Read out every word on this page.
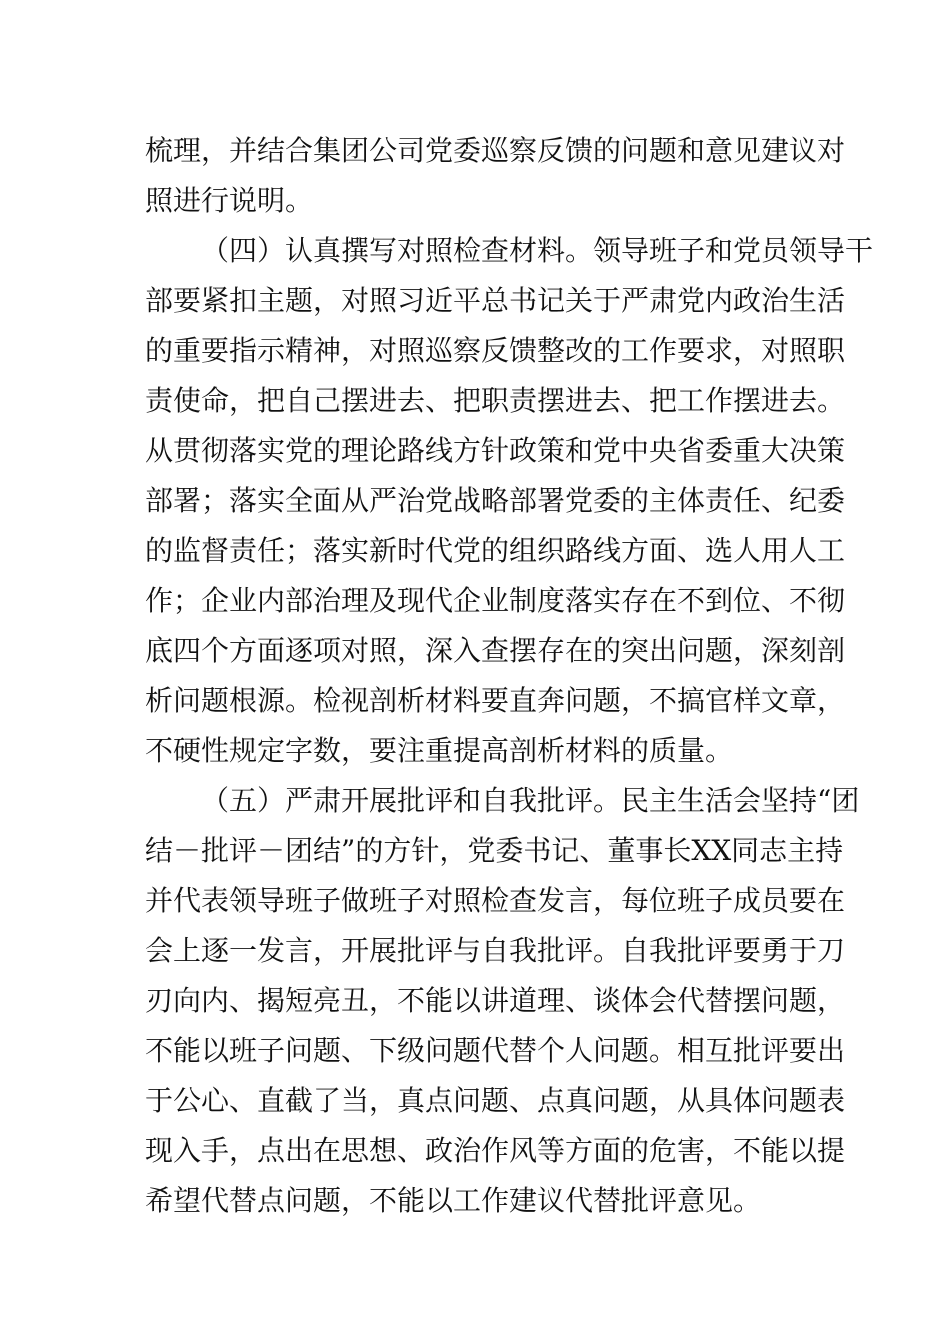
梳理，并结合集团公司党委巡察反馈的问题和意见建议对
照进行说明。
（四）认真撰写对照检查材料。领导班子和党员领导干
部要紧扣主题，对照习近平总书记关于严肃党内政治生活
的重要指示精神，对照巡察反馈整改的工作要求，对照职
责使命，把自己摆进去、把职责摆进去、把工作摆进去。
从贯彻落实党的理论路线方针政策和党中央省委重大决策
部署；落实全面从严治党战略部署党委的主体责任、纪委
的监督责任；落实新时代党的组织路线方面、选人用人工
作；企业内部治理及现代企业制度落实存在不到位、不彻
底四个方面逐项对照，深入查摆存在的突出问题，深刻剖
析问题根源。检视剖析材料要直奔问题，不搞官样文章，
不硬性规定字数，要注重提高剖析材料的质量。
（五）严肃开展批评和自我批评。民主生活会坚持“团
结－批评－团结”的方针，党委书记、董事长XX同志主持
并代表领导班子做班子对照检查发言，每位班子成员要在
会上逐一发言，开展批评与自我批评。自我批评要勇于刀
刃向内、揭短亮丑，不能以讲道理、谈体会代替摆问题，
不能以班子问题、下级问题代替个人问题。相互批评要出
于公心、直截了当，真点问题、点真问题，从具体问题表
现入手，点出在思想、政治作风等方面的危害，不能以提
希望代替点问题，不能以工作建议代替批评意见。
